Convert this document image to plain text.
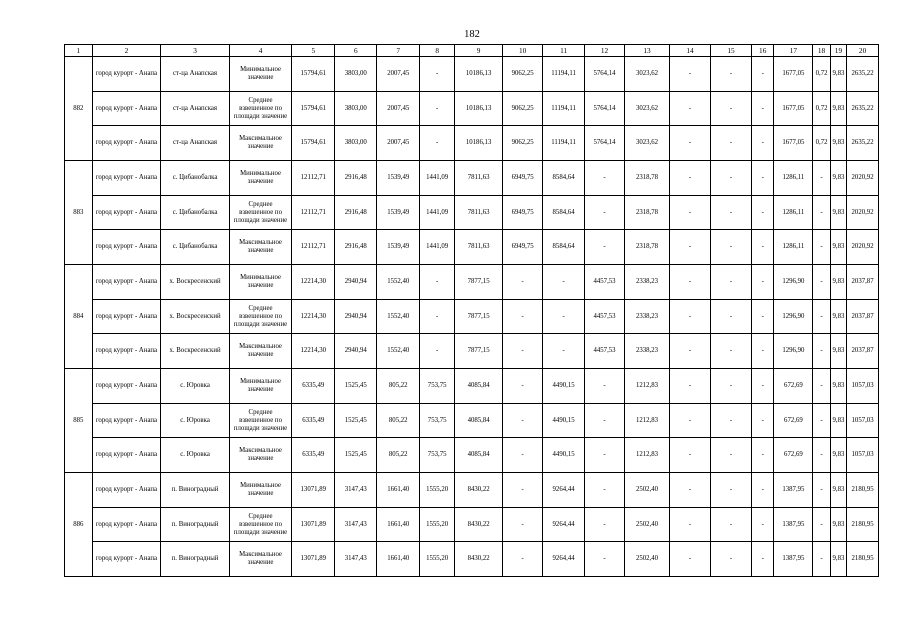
182
1	2	3	4	5	6	7	8	9	10	11	12	13	14	15	16	17	18	19	20
882	город курорт - Анапа	ст-ца Анапская	Минимальное значение	15794,61	3803,00	2007,45	-	10186,13	9062,25	11194,11	5764,14	3023,62	-	-	-	1677,05	0,72	9,83	2635,22
	город курорт - Анапа	ст-ца Анапская	Среднее взвешенное по площади значение	15794,61	3803,00	2007,45	-	10186,13	9062,25	11194,11	5764,14	3023,62	-	-	-	1677,05	0,72	9,83	2635,22
	город курорт - Анапа	ст-ца Анапская	Максимальное значение	15794,61	3803,00	2007,45	-	10186,13	9062,25	11194,11	5764,14	3023,62	-	-	-	1677,05	0,72	9,83	2635,22
883	город курорт - Анапа	с. Цибанобалка	Минимальное значение	12112,71	2916,48	1539,49	1441,09	7811,63	6949,75	8584,64	-	2318,78	-	-	-	1286,11	-	9,83	2020,92
	город курорт - Анапа	с. Цибанобалка	Среднее взвешенное по площади значение	12112,71	2916,48	1539,49	1441,09	7811,63	6949,75	8584,64	-	2318,78	-	-	-	1286,11	-	9,83	2020,92
	город курорт - Анапа	с. Цибанобалка	Максимальное значение	12112,71	2916,48	1539,49	1441,09	7811,63	6949,75	8584,64	-	2318,78	-	-	-	1286,11	-	9,83	2020,92
884	город курорт - Анапа	х. Воскресенский	Минимальное значение	12214,30	2940,94	1552,40	-	7877,15	-	-	4457,53	2338,23	-	-	-	1296,90	-	9,83	2037,87
	город курорт - Анапа	х. Воскресенский	Среднее взвешенное по площади значение	12214,30	2940,94	1552,40	-	7877,15	-	-	4457,53	2338,23	-	-	-	1296,90	-	9,83	2037,87
	город курорт - Анапа	х. Воскресенский	Максимальное значение	12214,30	2940,94	1552,40	-	7877,15	-	-	4457,53	2338,23	-	-	-	1296,90	-	9,83	2037,87
885	город курорт - Анапа	с. Юровка	Минимальное значение	6335,49	1525,45	805,22	753,75	4085,84	-	4490,15	-	1212,83	-	-	-	672,69	-	9,83	1057,03
	город курорт - Анапа	с. Юровка	Среднее взвешенное по площади значение	6335,49	1525,45	805,22	753,75	4085,84	-	4490,15	-	1212,83	-	-	-	672,69	-	9,83	1057,03
	город курорт - Анапа	с. Юровка	Максимальное значение	6335,49	1525,45	805,22	753,75	4085,84	-	4490,15	-	1212,83	-	-	-	672,69	-	9,83	1057,03
886	город курорт - Анапа	п. Виноградный	Минимальное значение	13071,89	3147,43	1661,40	1555,20	8430,22	-	9264,44	-	2502,40	-	-	-	1387,95	-	9,83	2180,95
	город курорт - Анапа	п. Виноградный	Среднее взвешенное по площади значение	13071,89	3147,43	1661,40	1555,20	8430,22	-	9264,44	-	2502,40	-	-	-	1387,95	-	9,83	2180,95
	город курорт - Анапа	п. Виноградный	Максимальное значение	13071,89	3147,43	1661,40	1555,20	8430,22	-	9264,44	-	2502,40	-	-	-	1387,95	-	9,83	2180,95
